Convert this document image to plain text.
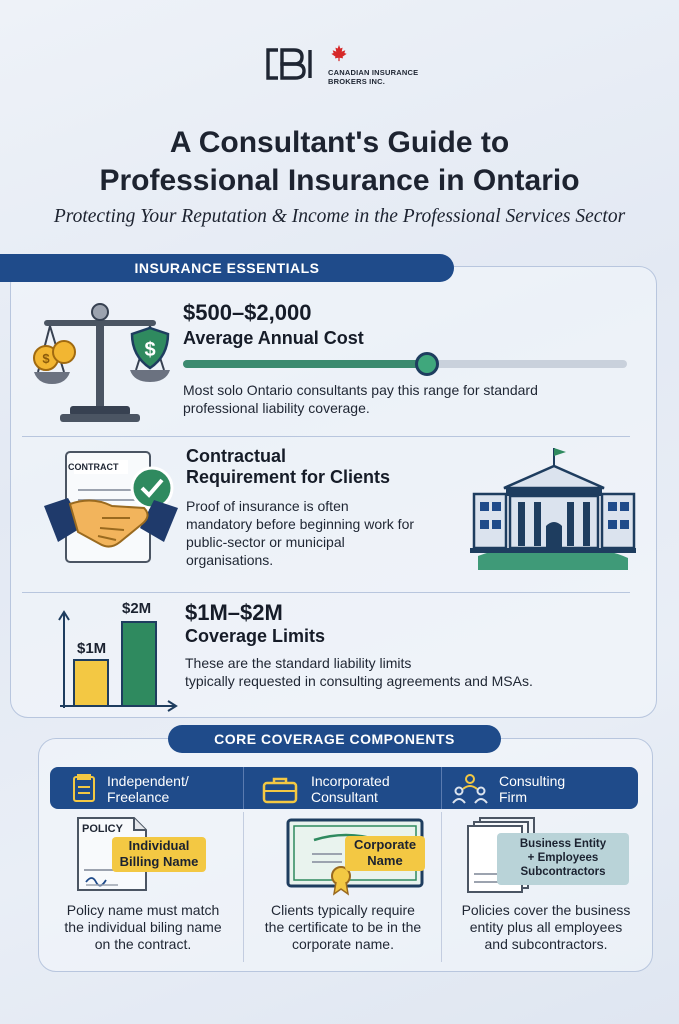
CANADIAN INSURANCE
BROKERS INC.
A Consultant's Guide to
Professional Insurance in Ontario
Protecting Your Reputation & Income in the Professional Services Sector
INSURANCE ESSENTIALS
$	$
$500–$2,000
Average Annual Cost
Most solo Ontario consultants pay this range for standard
professional liability coverage.
CONTRACT
Contractual
Requirement for Clients
Proof of insurance is often
mandatory before beginning work for
public-sector or municipal
organisations.
$1M
$2M $1M–$2M
Coverage Limits
These are the standard liability limits
typically requested in consulting agreements and MSAs.
CORE COVERAGE COMPONENTS
Independent/
Freelance
Incorporated
Consultant
Consulting
Firm
POLICY
Individual
Billing Name
Corporate
Name
Business Entity
+ Employees
Subcontractors
Policy name must match
the individual biling name
on the contract.
Clients typically require
the certificate to be in the
corporate name.
Policies cover the business
entity plus all employees
and subcontractors.
